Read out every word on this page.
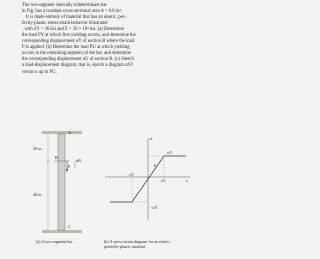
The two-segment statically indeterminate bar

in Fig. has a constant cross-sectional area A = 0.8 in².

It is made entirely of material that has an elastic, per-

fectly-plastic stress-strain behavior illustrated

, with σY = 36 ksi and E = 30 × 10³ ksi. (a) Determine

the load PY at which first yielding occurs, and determine the

corresponding displacement uY of section B where the load

P is applied. (b) Determine the load PU at which yielding

occurs in the remaining segment of the bar, and determine

the corresponding displacement uU of section B. (c) Sketch

a load-displacement diagram, that is, sketch a diagram of P

versus u up to PU.

A
B
P
uB
C
20 in.
40 in.
(a) A two-segment bar.
σ
σY
E
ε
−εY
εY
−σY
(b) A stress-strain diagram for an elastic, perfectly-plastic material.
